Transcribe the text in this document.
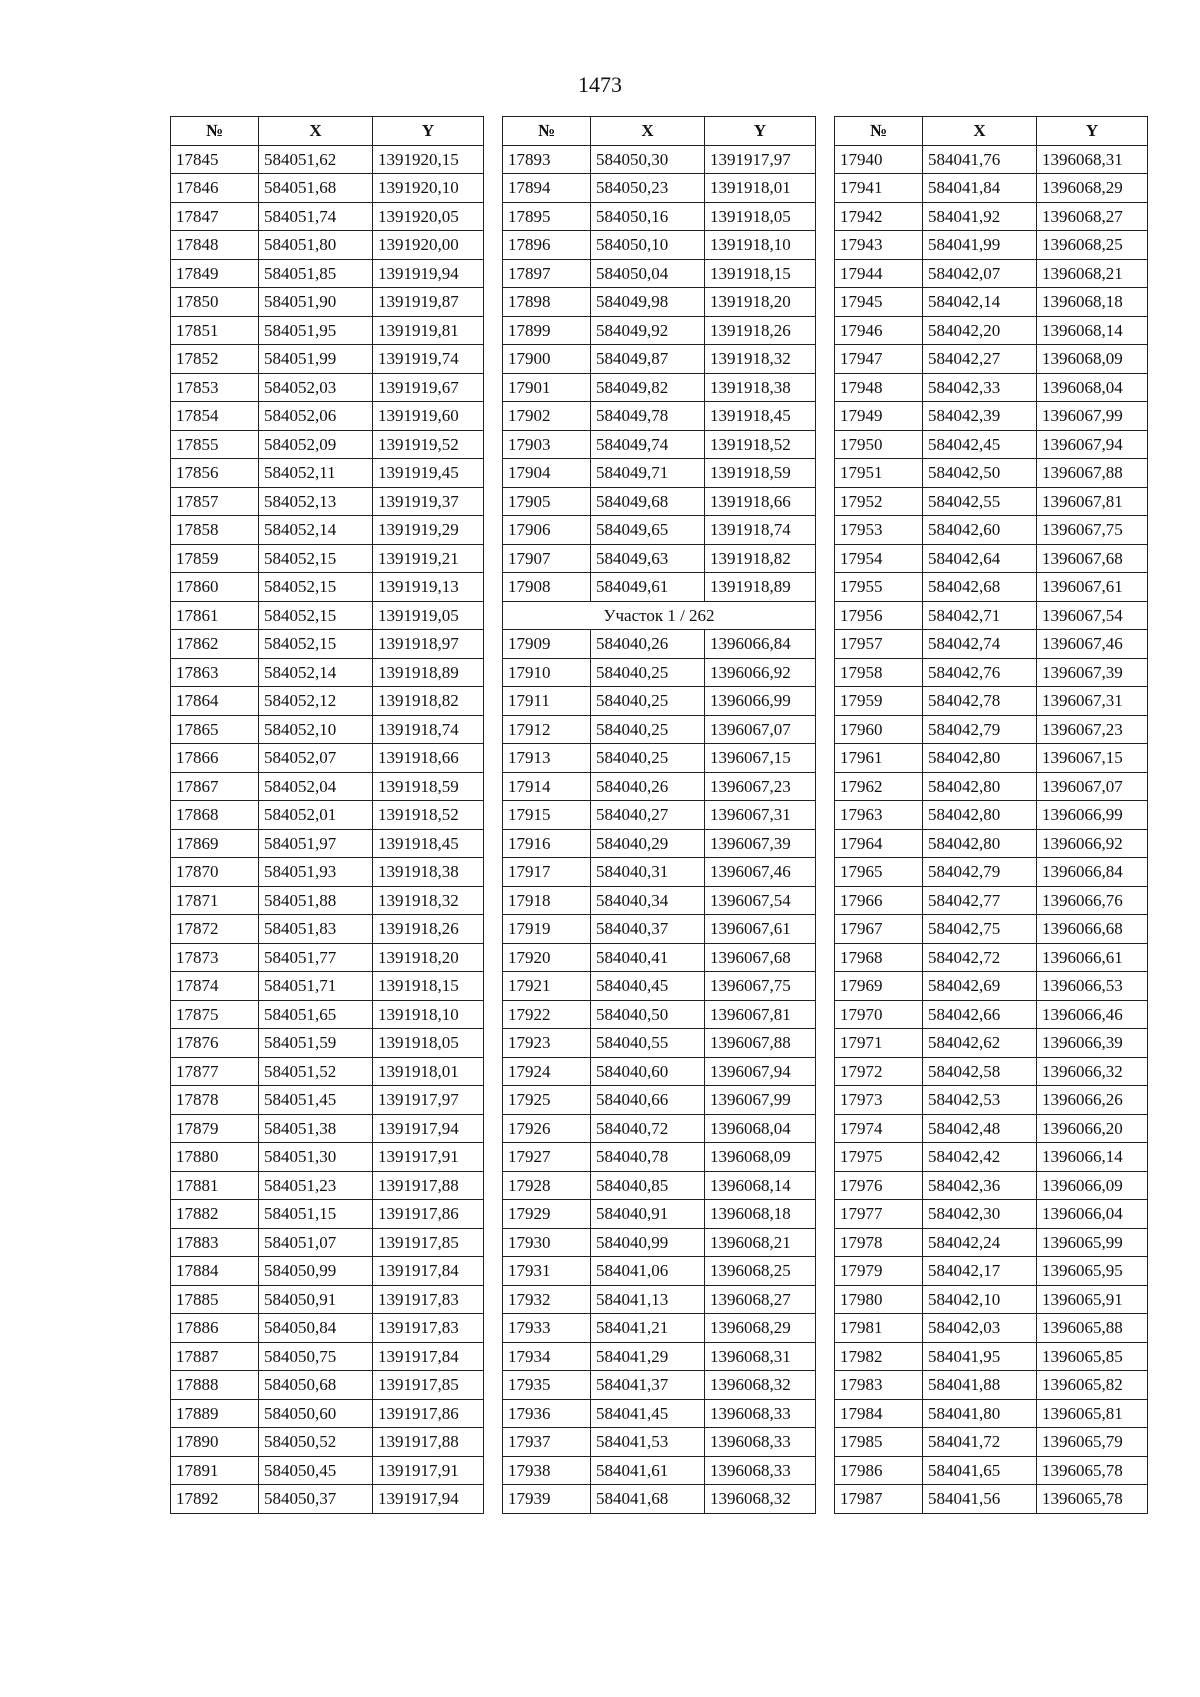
1473
№	X	Y
17845	584051,62	1391920,15
17846	584051,68	1391920,10
17847	584051,74	1391920,05
17848	584051,80	1391920,00
17849	584051,85	1391919,94
17850	584051,90	1391919,87
17851	584051,95	1391919,81
17852	584051,99	1391919,74
17853	584052,03	1391919,67
17854	584052,06	1391919,60
17855	584052,09	1391919,52
17856	584052,11	1391919,45
17857	584052,13	1391919,37
17858	584052,14	1391919,29
17859	584052,15	1391919,21
17860	584052,15	1391919,13
17861	584052,15	1391919,05
17862	584052,15	1391918,97
17863	584052,14	1391918,89
17864	584052,12	1391918,82
17865	584052,10	1391918,74
17866	584052,07	1391918,66
17867	584052,04	1391918,59
17868	584052,01	1391918,52
17869	584051,97	1391918,45
17870	584051,93	1391918,38
17871	584051,88	1391918,32
17872	584051,83	1391918,26
17873	584051,77	1391918,20
17874	584051,71	1391918,15
17875	584051,65	1391918,10
17876	584051,59	1391918,05
17877	584051,52	1391918,01
17878	584051,45	1391917,97
17879	584051,38	1391917,94
17880	584051,30	1391917,91
17881	584051,23	1391917,88
17882	584051,15	1391917,86
17883	584051,07	1391917,85
17884	584050,99	1391917,84
17885	584050,91	1391917,83
17886	584050,84	1391917,83
17887	584050,75	1391917,84
17888	584050,68	1391917,85
17889	584050,60	1391917,86
17890	584050,52	1391917,88
17891	584050,45	1391917,91
17892	584050,37	1391917,94
№	X	Y
17893	584050,30	1391917,97
17894	584050,23	1391918,01
17895	584050,16	1391918,05
17896	584050,10	1391918,10
17897	584050,04	1391918,15
17898	584049,98	1391918,20
17899	584049,92	1391918,26
17900	584049,87	1391918,32
17901	584049,82	1391918,38
17902	584049,78	1391918,45
17903	584049,74	1391918,52
17904	584049,71	1391918,59
17905	584049,68	1391918,66
17906	584049,65	1391918,74
17907	584049,63	1391918,82
17908	584049,61	1391918,89
Участок 1 / 262		
17909	584040,26	1396066,84
17910	584040,25	1396066,92
17911	584040,25	1396066,99
17912	584040,25	1396067,07
17913	584040,25	1396067,15
17914	584040,26	1396067,23
17915	584040,27	1396067,31
17916	584040,29	1396067,39
17917	584040,31	1396067,46
17918	584040,34	1396067,54
17919	584040,37	1396067,61
17920	584040,41	1396067,68
17921	584040,45	1396067,75
17922	584040,50	1396067,81
17923	584040,55	1396067,88
17924	584040,60	1396067,94
17925	584040,66	1396067,99
17926	584040,72	1396068,04
17927	584040,78	1396068,09
17928	584040,85	1396068,14
17929	584040,91	1396068,18
17930	584040,99	1396068,21
17931	584041,06	1396068,25
17932	584041,13	1396068,27
17933	584041,21	1396068,29
17934	584041,29	1396068,31
17935	584041,37	1396068,32
17936	584041,45	1396068,33
17937	584041,53	1396068,33
17938	584041,61	1396068,33
17939	584041,68	1396068,32
№	X	Y
17940	584041,76	1396068,31
17941	584041,84	1396068,29
17942	584041,92	1396068,27
17943	584041,99	1396068,25
17944	584042,07	1396068,21
17945	584042,14	1396068,18
17946	584042,20	1396068,14
17947	584042,27	1396068,09
17948	584042,33	1396068,04
17949	584042,39	1396067,99
17950	584042,45	1396067,94
17951	584042,50	1396067,88
17952	584042,55	1396067,81
17953	584042,60	1396067,75
17954	584042,64	1396067,68
17955	584042,68	1396067,61
17956	584042,71	1396067,54
17957	584042,74	1396067,46
17958	584042,76	1396067,39
17959	584042,78	1396067,31
17960	584042,79	1396067,23
17961	584042,80	1396067,15
17962	584042,80	1396067,07
17963	584042,80	1396066,99
17964	584042,80	1396066,92
17965	584042,79	1396066,84
17966	584042,77	1396066,76
17967	584042,75	1396066,68
17968	584042,72	1396066,61
17969	584042,69	1396066,53
17970	584042,66	1396066,46
17971	584042,62	1396066,39
17972	584042,58	1396066,32
17973	584042,53	1396066,26
17974	584042,48	1396066,20
17975	584042,42	1396066,14
17976	584042,36	1396066,09
17977	584042,30	1396066,04
17978	584042,24	1396065,99
17979	584042,17	1396065,95
17980	584042,10	1396065,91
17981	584042,03	1396065,88
17982	584041,95	1396065,85
17983	584041,88	1396065,82
17984	584041,80	1396065,81
17985	584041,72	1396065,79
17986	584041,65	1396065,78
17987	584041,56	1396065,78
